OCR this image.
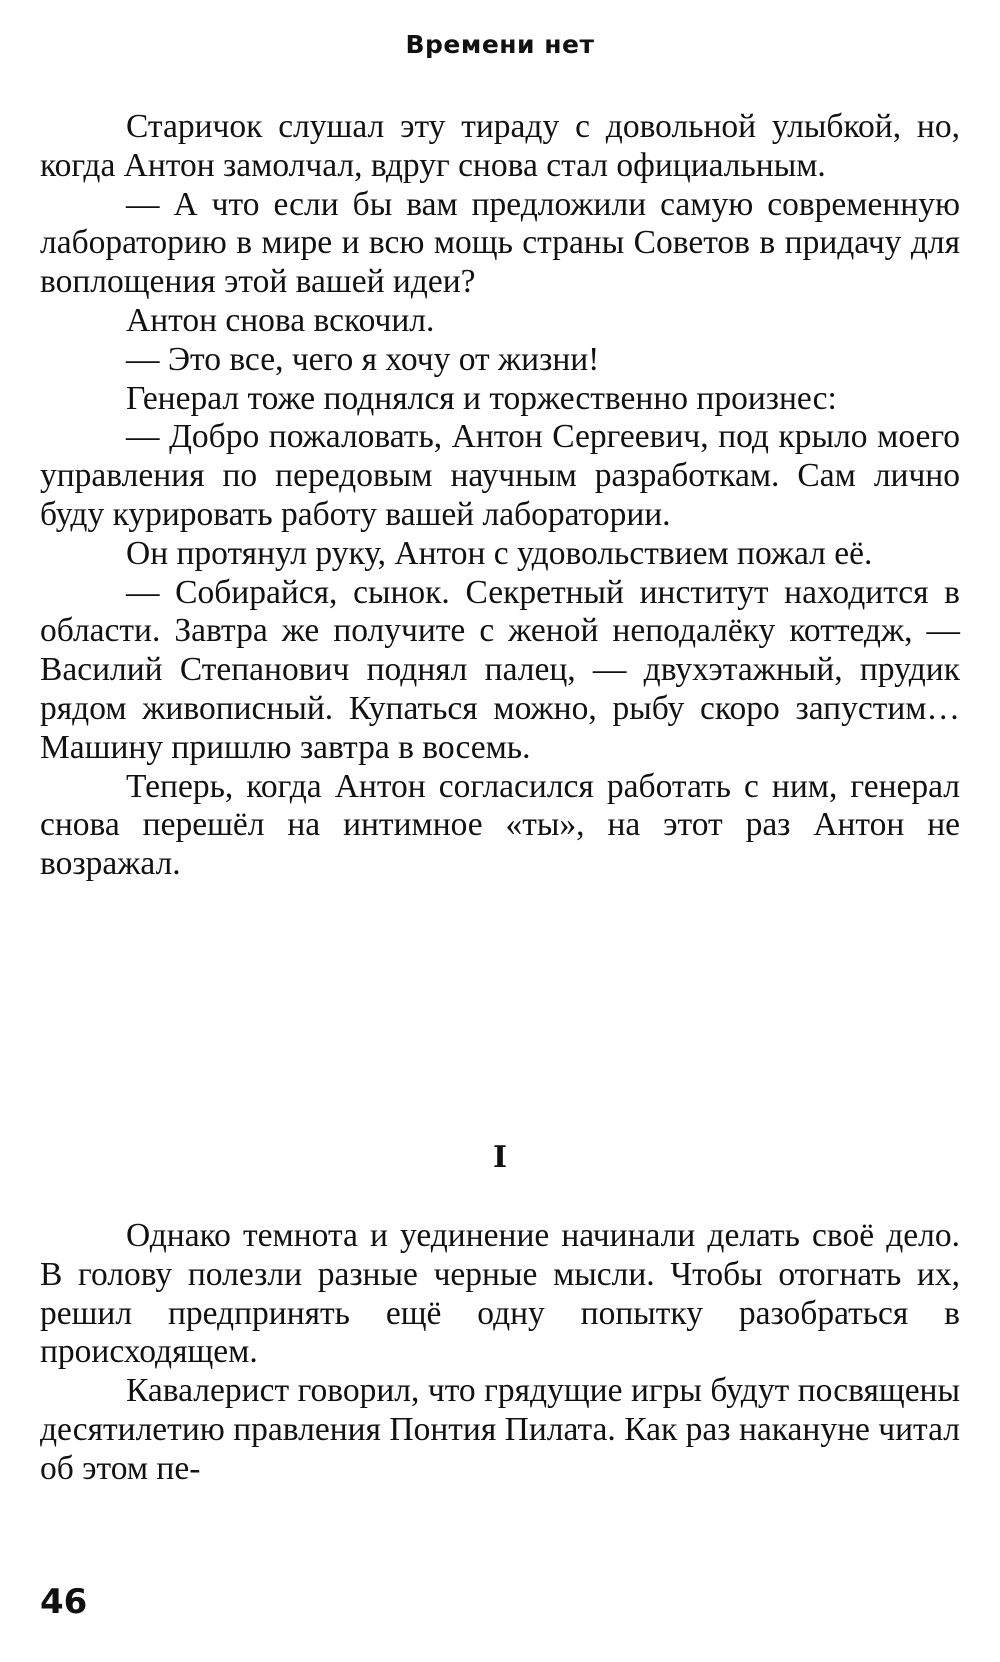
Времени нет

Старичок слушал эту тираду с довольной улыбкой, но, когда Антон замолчал, вдруг снова стал официальным.

— А что если бы вам предложили самую современную лабораторию в мире и всю мощь страны Советов в придачу для воплощения этой вашей идеи?

Антон снова вскочил.

— Это все, чего я хочу от жизни!

Генерал тоже поднялся и торжественно произнес:

— Добро пожаловать, Антон Сергеевич, под крыло моего управления по передовым научным разработкам. Сам лично буду курировать работу вашей лаборатории.

Он протянул руку, Антон с удовольствием пожал её.

— Собирайся, сынок. Секретный институт находится в области. Завтра же получите с женой неподалёку коттедж, — Василий Степанович поднял палец, — двухэтажный, прудик рядом живописный. Купаться можно, рыбу скоро запустим… Машину пришлю завтра в восемь.

Теперь, когда Антон согласился работать с ним, генерал снова перешёл на интимное «ты», на этот раз Антон не возражал.

I

Однако темнота и уединение начинали делать своё дело. В голову полезли разные черные мысли. Чтобы отогнать их, решил предпринять ещё одну попытку разобраться в происходящем.

Кавалерист говорил, что грядущие игры будут посвящены десятилетию правления Понтия Пилата. Как раз накануне читал об этом пе-

46
